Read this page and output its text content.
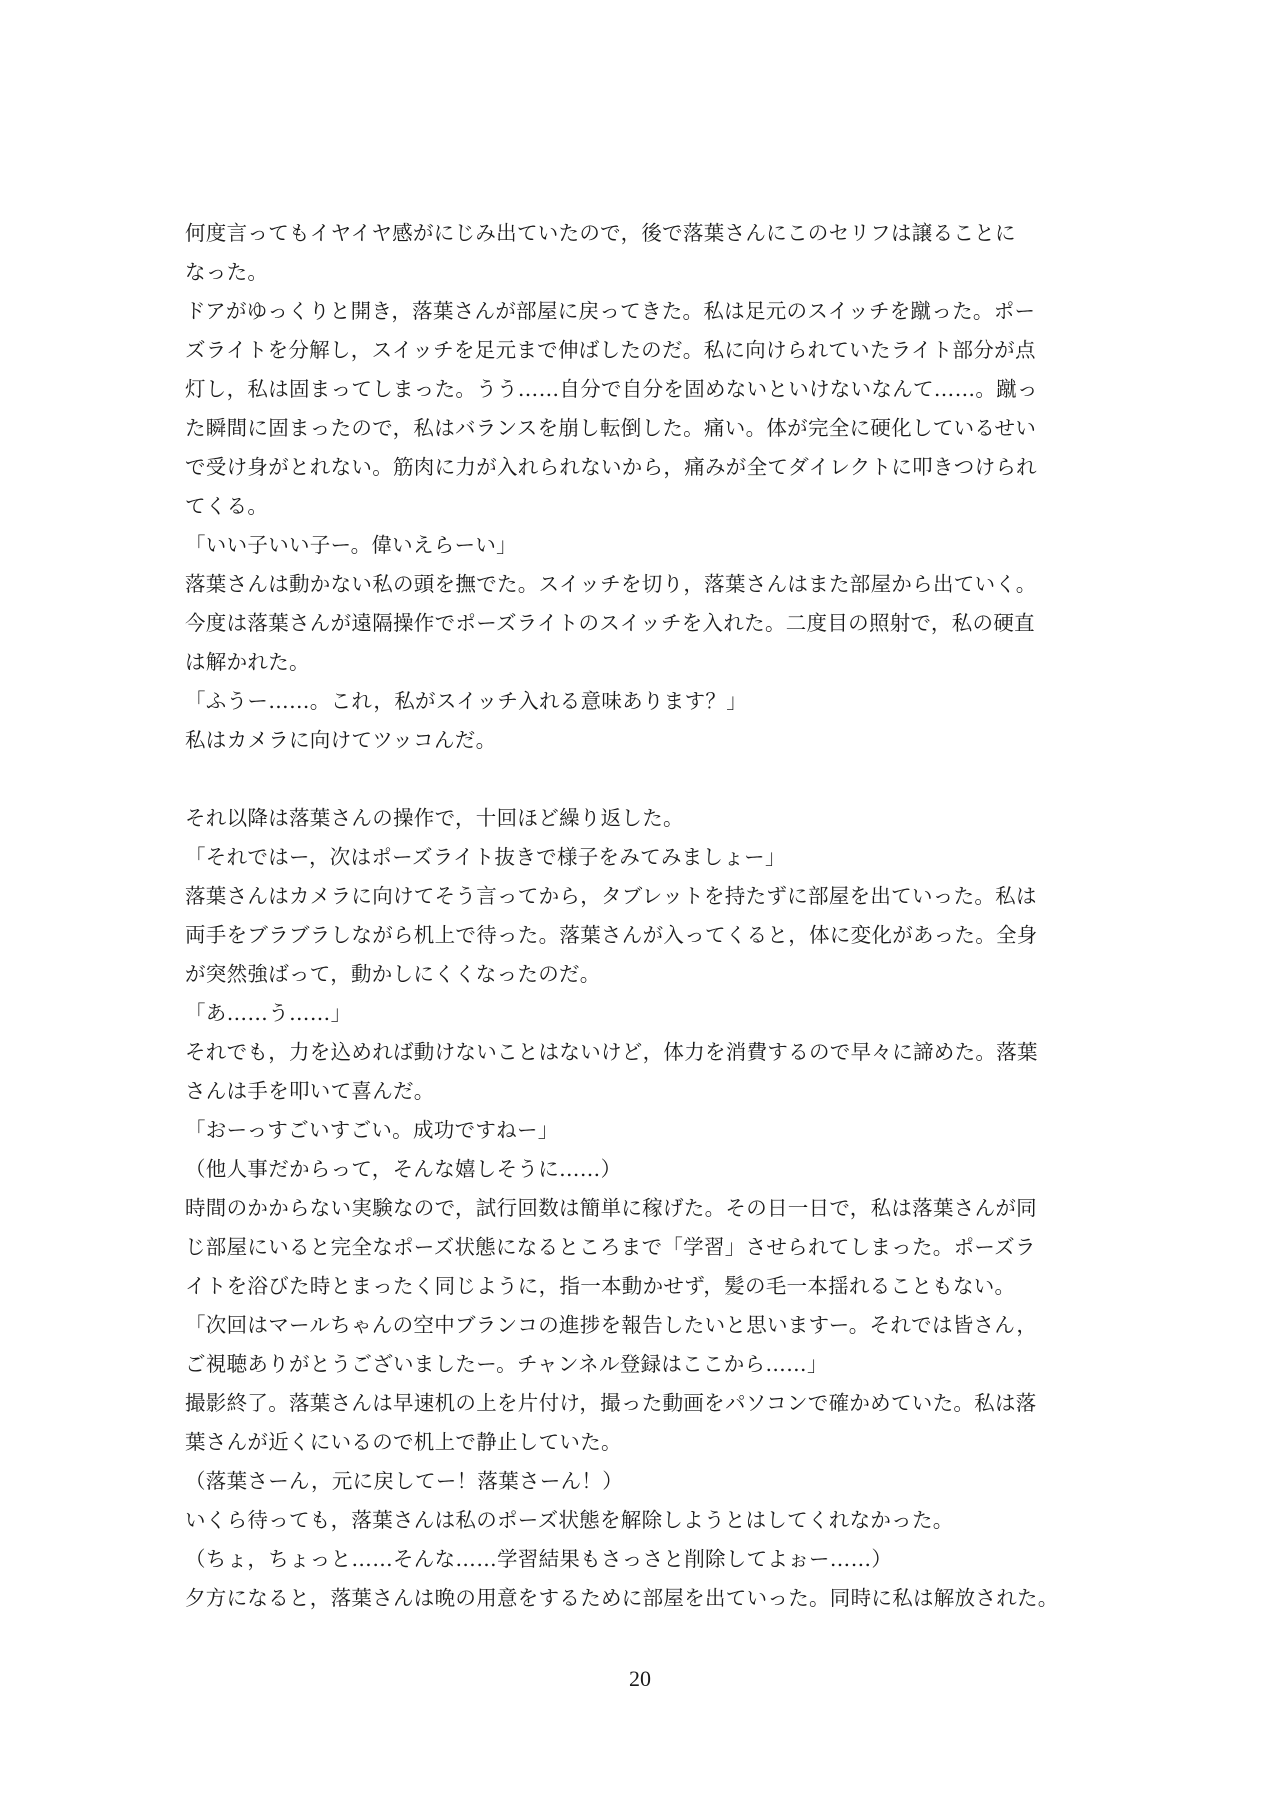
何度言ってもイヤイヤ感がにじみ出ていたので，後で落葉さんにこのセリフは譲ることに
なった。
ドアがゆっくりと開き，落葉さんが部屋に戻ってきた。私は足元のスイッチを蹴った。ポー
ズライトを分解し，スイッチを足元まで伸ばしたのだ。私に向けられていたライト部分が点
灯し，私は固まってしまった。うう……自分で自分を固めないといけないなんて……。蹴っ
た瞬間に固まったので，私はバランスを崩し転倒した。痛い。体が完全に硬化しているせい
で受け身がとれない。筋肉に力が入れられないから，痛みが全てダイレクトに叩きつけられ
てくる。
「いい子いい子ー。偉いえらーい」
落葉さんは動かない私の頭を撫でた。スイッチを切り，落葉さんはまた部屋から出ていく。
今度は落葉さんが遠隔操作でポーズライトのスイッチを入れた。二度目の照射で，私の硬直
は解かれた。
「ふうー……。これ，私がスイッチ入れる意味あります？」
私はカメラに向けてツッコんだ。
それ以降は落葉さんの操作で，十回ほど繰り返した。
「それではー，次はポーズライト抜きで様子をみてみましょー」
落葉さんはカメラに向けてそう言ってから，タブレットを持たずに部屋を出ていった。私は
両手をブラブラしながら机上で待った。落葉さんが入ってくると，体に変化があった。全身
が突然強ばって，動かしにくくなったのだ。
「あ……う……」
それでも，力を込めれば動けないことはないけど，体力を消費するので早々に諦めた。落葉
さんは手を叩いて喜んだ。
「おーっすごいすごい。成功ですねー」
（他人事だからって，そんな嬉しそうに……）
時間のかからない実験なので，試行回数は簡単に稼げた。その日一日で，私は落葉さんが同
じ部屋にいると完全なポーズ状態になるところまで「学習」させられてしまった。ポーズラ
イトを浴びた時とまったく同じように，指一本動かせず，髪の毛一本揺れることもない。
「次回はマールちゃんの空中ブランコの進捗を報告したいと思いますー。それでは皆さん，
ご視聴ありがとうございましたー。チャンネル登録はここから……」
撮影終了。落葉さんは早速机の上を片付け，撮った動画をパソコンで確かめていた。私は落
葉さんが近くにいるので机上で静止していた。
（落葉さーん，元に戻してー！落葉さーん！）
いくら待っても，落葉さんは私のポーズ状態を解除しようとはしてくれなかった。
（ちょ，ちょっと……そんな……学習結果もさっさと削除してよぉー……）
夕方になると，落葉さんは晩の用意をするために部屋を出ていった。同時に私は解放された。
20
